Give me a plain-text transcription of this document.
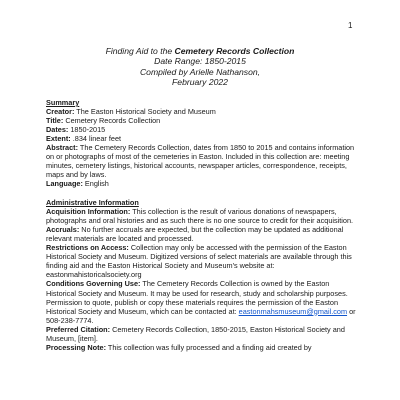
1
Finding Aid to the Cemetery Records Collection
Date Range: 1850-2015
Compiled by Arielle Nathanson,
February 2022
Summary

Creator: The Easton Historical Society and Museum

Title: Cemetery Records Collection

Dates: 1850-2015

Extent: .834 linear feet

Abstract: The Cemetery Records Collection, dates from 1850 to 2015 and contains information on or photographs of most of the cemeteries in Easton. Included in this collection are: meeting minutes, cemetery listings, historical accounts, newspaper articles, correspondence, receipts, maps and by laws.

Language: English

Administrative Information

Acquisition Information: This collection is the result of various donations of newspapers, photographs and oral histories and as such there is no one source to credit for their acquisition.

Accruals: No further accruals are expected, but the collection may be updated as additional relevant materials are located and processed.

Restrictions on Access: Collection may only be accessed with the permission of the Easton Historical Society and Museum. Digitized versions of select materials are available through this finding aid and the Easton Historical Society and Museum's website at: eastonmahistoricalsociety.org

Conditions Governing Use: The Cemetery Records Collection is owned by the Easton Historical Society and Museum. It may be used for research, study and scholarship purposes. Permission to quote, publish or copy these materials requires the permission of the Easton Historical Society and Museum, which can be contacted at: eastonmahsmuseum@gmail.com or 508-238-7774.

Preferred Citation: Cemetery Records Collection, 1850-2015, Easton Historical Society and Museum, [item].

Processing Note: This collection was fully processed and a finding aid created by
